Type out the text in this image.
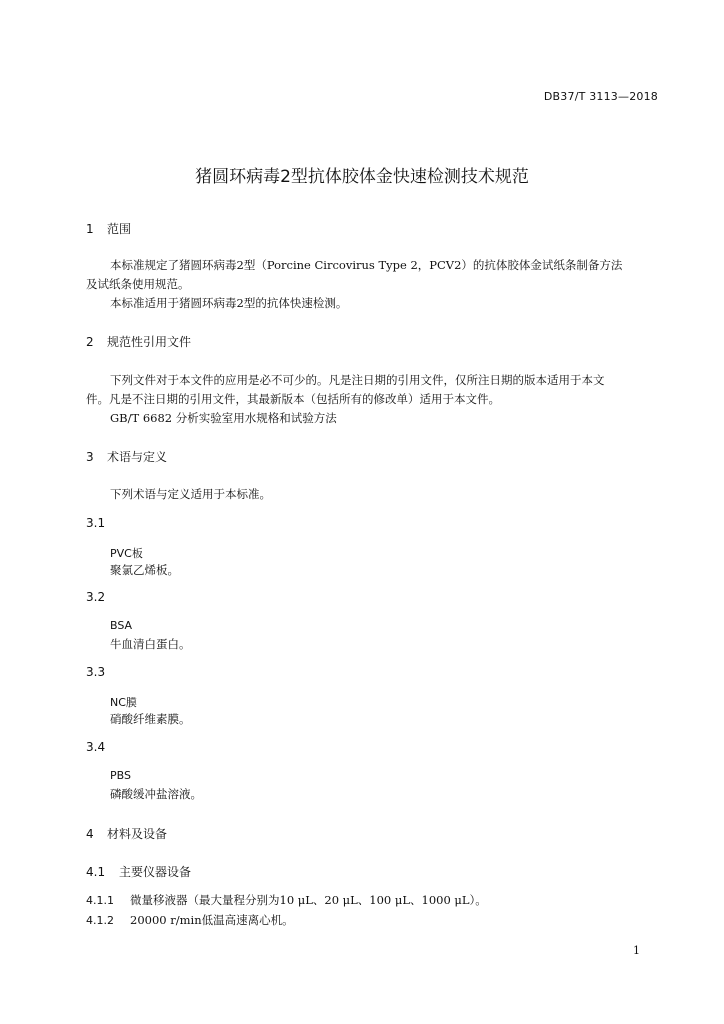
DB37/T 3113—2018
猪圆环病毒2型抗体胶体金快速检测技术规范
1 范围
本标准规定了猪圆环病毒2型（Porcine Circovirus Type 2，PCV2）的抗体胶体金试纸条制备方法
及试纸条使用规范。
本标准适用于猪圆环病毒2型的抗体快速检测。
2 规范性引用文件
下列文件对于本文件的应用是必不可少的。凡是注日期的引用文件，仅所注日期的版本适用于本文
件。凡是不注日期的引用文件，其最新版本（包括所有的修改单）适用于本文件。
GB/T 6682 分析实验室用水规格和试验方法
3 术语与定义
下列术语与定义适用于本标准。
3.1
PVC板
聚氯乙烯板。
3.2
BSA
牛血清白蛋白。
3.3
NC膜
硝酸纤维素膜。
3.4
PBS
磷酸缓冲盐溶液。
4 材料及设备
4.1 主要仪器设备
4.1.1 微量移液器（最大量程分别为10 μL、20 μL、100 μL、1000 μL）。
4.1.2 20000 r/min低温高速离心机。
1
